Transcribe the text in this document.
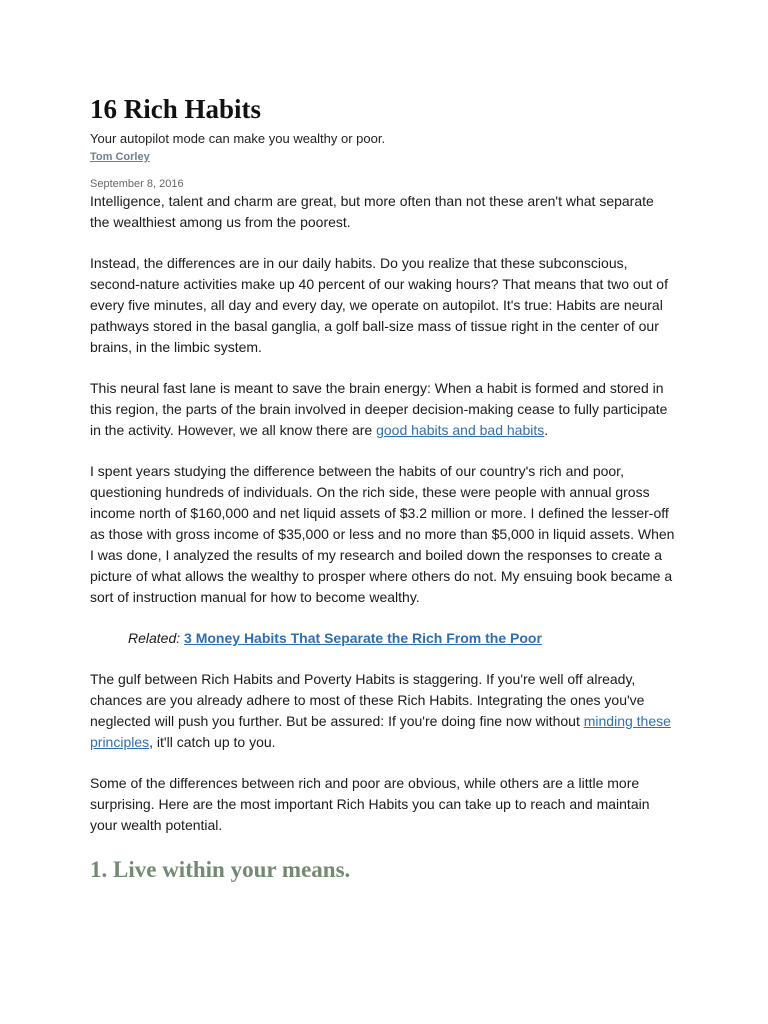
16 Rich Habits

Your autopilot mode can make you wealthy or poor.

Tom Corley
September 8, 2016

Intelligence, talent and charm are great, but more often than not these aren't what separate the wealthiest among us from the poorest.

Instead, the differences are in our daily habits. Do you realize that these subconscious, second-nature activities make up 40 percent of our waking hours? That means that two out of every five minutes, all day and every day, we operate on autopilot. It's true: Habits are neural pathways stored in the basal ganglia, a golf ball-size mass of tissue right in the center of our brains, in the limbic system.

This neural fast lane is meant to save the brain energy: When a habit is formed and stored in this region, the parts of the brain involved in deeper decision-making cease to fully participate in the activity. However, we all know there are good habits and bad habits.

I spent years studying the difference between the habits of our country's rich and poor, questioning hundreds of individuals. On the rich side, these were people with annual gross income north of $160,000 and net liquid assets of $3.2 million or more. I defined the lesser-off as those with gross income of $35,000 or less and no more than $5,000 in liquid assets. When I was done, I analyzed the results of my research and boiled down the responses to create a picture of what allows the wealthy to prosper where others do not. My ensuing book became a sort of instruction manual for how to become wealthy.

Related: 3 Money Habits That Separate the Rich From the Poor

The gulf between Rich Habits and Poverty Habits is staggering. If you're well off already, chances are you already adhere to most of these Rich Habits. Integrating the ones you've neglected will push you further. But be assured: If you're doing fine now without minding these principles, it'll catch up to you.

Some of the differences between rich and poor are obvious, while others are a little more surprising. Here are the most important Rich Habits you can take up to reach and maintain your wealth potential.

1. Live within your means.
